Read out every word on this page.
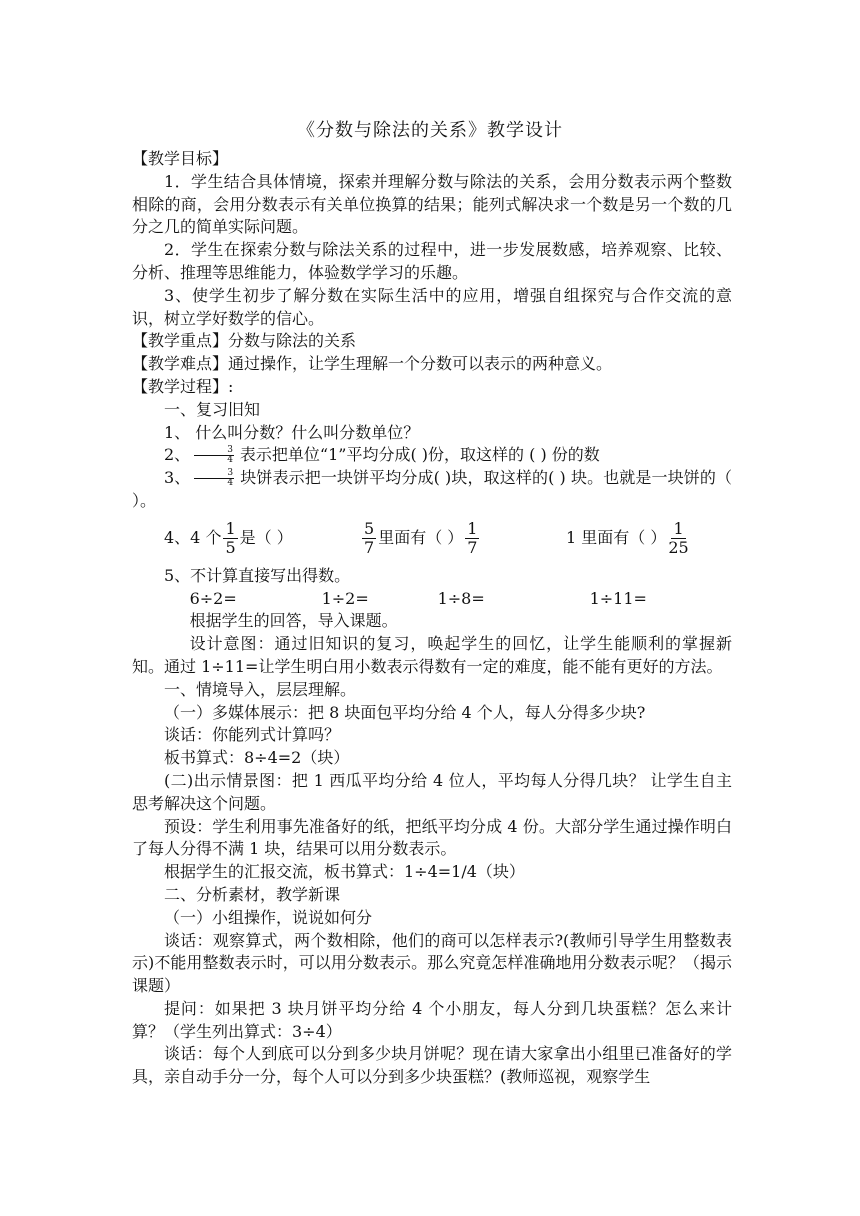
《分数与除法的关系》教学设计

【教学目标】

1．学生结合具体情境，探索并理解分数与除法的关系，会用分数表示两个整数相除的商，会用分数表示有关单位换算的结果；能列式解决求一个数是另一个数的几分之几的简单实际问题。

2．学生在探索分数与除法关系的过程中，进一步发展数感，培养观察、比较、分析、推理等思维能力，体验数学学习的乐趣。

3、使学生初步了解分数在实际生活中的应用，增强自组探究与合作交流的意识，树立学好数学的信心。

【教学重点】分数与除法的关系

【教学难点】通过操作，让学生理解一个分数可以表示的两种意义。

【教学过程】:

一、复习旧知

1、 什么叫分数？什么叫分数单位？

2、 $\frac{3}{4}$ 表示把单位“1”平均分成( )份，取这样的 ( ) 份的数

3、 $\frac{3}{4}$ 块饼表示把一块饼平均分成( )块，取这样的( ) 块。也就是一块饼的（ ）。

4、4 个 $\frac{1}{5}$ 是（ ）	$\frac{5}{7}$ 里面有（ ） $\frac{1}{7}$	1 里面有（ ） $\frac{1}{25}$

5、不计算直接写出得数。

6÷2=	1÷2=	1÷8=	1÷11=

根据学生的回答，导入课题。

设计意图：通过旧知识的复习，唤起学生的回忆，让学生能顺利的掌握新知。通过 1÷11=让学生明白用小数表示得数有一定的难度，能不能有更好的方法。

一、情境导入，层层理解。

（一）多媒体展示：把 8 块面包平均分给 4 个人，每人分得多少块?

谈话：你能列式计算吗？

板书算式：8÷4=2（块）

(二)出示情景图：把 1 西瓜平均分给 4 位人，平均每人分得几块？ 让学生自主思考解决这个问题。

预设：学生利用事先准备好的纸，把纸平均分成 4 份。大部分学生通过操作明白了每人分得不满 1 块，结果可以用分数表示。

根据学生的汇报交流，板书算式：1÷4=1/4（块）

二、分析素材，教学新课

（一）小组操作，说说如何分

谈话：观察算式，两个数相除，他们的商可以怎样表示?(教师引导学生用整数表示)不能用整数表示时，可以用分数表示。那么究竟怎样准确地用分数表示呢？（揭示课题）

提问：如果把 3 块月饼平均分给 4 个小朋友，每人分到几块蛋糕？怎么来计算？（学生列出算式：3÷4）

谈话：每个人到底可以分到多少块月饼呢？现在请大家拿出小组里已准备好的学具，亲自动手分一分，每个人可以分到多少块蛋糕？(教师巡视，观察学生
